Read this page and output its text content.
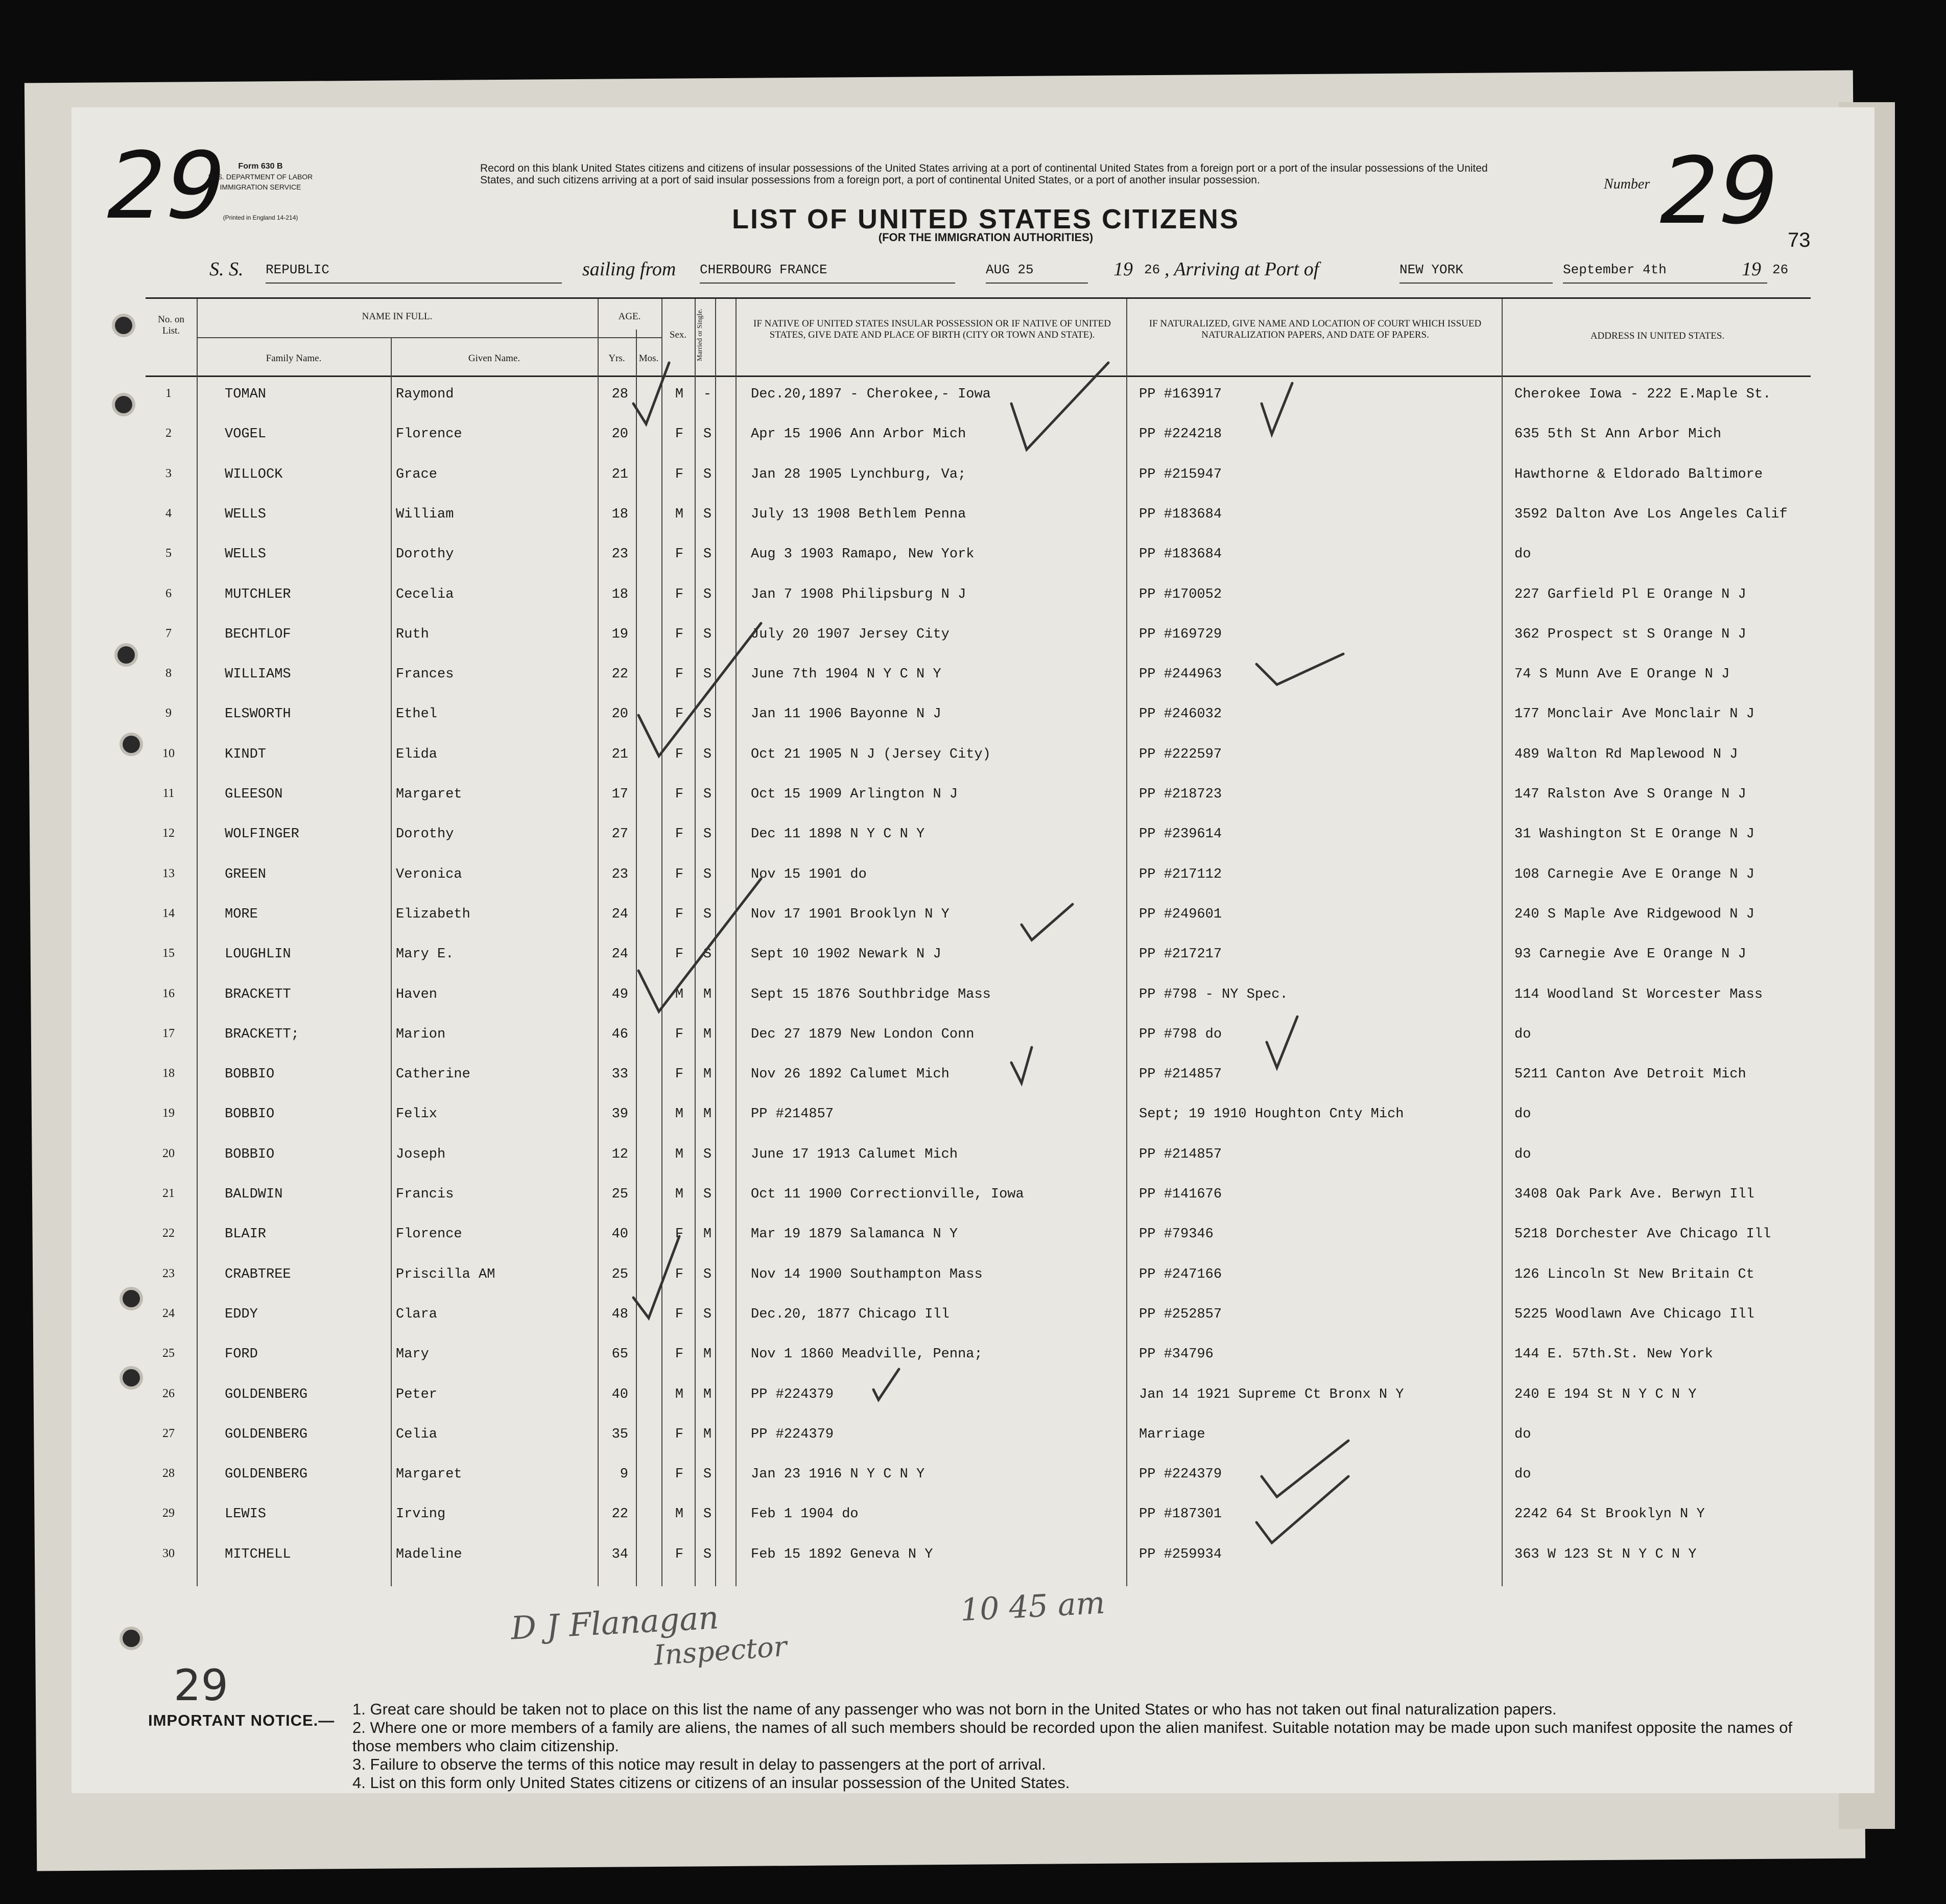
29 Form 630 B
U. S. DEPARTMENT OF LABOR
IMMIGRATION SERVICE
(Printed in England 14-214)
Record on this blank United States citizens and citizens of insular possessions of the United States arriving at a port of continental United States from a foreign port or a port of the insular possessions of the United States, and such citizens arriving at a port of said insular possessions from a foreign port, a port of continental United States, or a port of another insular possession.
LIST OF UNITED STATES CITIZENS
(FOR THE IMMIGRATION AUTHORITIES)
Number
29
73
S. S. REPUBLIC	sailing from CHERBOURG FRANCE	AUG 25	19 26 , Arriving at Port of	NEW YORK	September 4th	19 26
No. on List.
NAME IN FULL.
Family Name.	Given Name.
AGE.
Yrs.	Mos.
Sex.	Married or Single.	IF NATIVE OF UNITED STATES INSULAR POSSESSION OR IF NATIVE OF UNITED STATES, GIVE DATE AND PLACE OF BIRTH (CITY OR TOWN AND STATE).
IF NATURALIZED, GIVE NAME AND LOCATION OF COURT WHICH ISSUED NATURALIZATION PAPERS, AND DATE OF PAPERS.	ADDRESS IN UNITED STATES.
1	TOMAN	Raymond	28	M -	Dec.20,1897 - Cherokee,- Iowa	PP #163917	Cherokee Iowa - 222 E.Maple St.
2	VOGEL	Florence	20	F S	Apr 15 1906 Ann Arbor Mich	PP #224218	635 5th St Ann Arbor Mich
3	WILLOCK	Grace	21	F S	Jan 28 1905 Lynchburg, Va;	PP #215947	Hawthorne & Eldorado Baltimore
4	WELLS	William	18	M S	July 13 1908 Bethlem Penna	PP #183684	3592 Dalton Ave Los Angeles Calif
5	WELLS	Dorothy	23	F S	Aug 3 1903 Ramapo, New York	PP #183684	do
6	MUTCHLER	Cecelia	18	F S	Jan 7 1908 Philipsburg N J	PP #170052	227 Garfield Pl E Orange N J
7	BECHTLOF	Ruth	19	F S	July 20 1907 Jersey City	PP #169729	362 Prospect st S Orange N J
8	WILLIAMS	Frances	22	F S	June 7th 1904 N Y C N Y	PP #244963	74 S Munn Ave E Orange N J
9	ELSWORTH	Ethel	20	F S	Jan 11 1906 Bayonne N J	PP #246032	177 Monclair Ave Monclair N J
10	KINDT	Elida	21	F S	Oct 21 1905 N J (Jersey City)	PP #222597	489 Walton Rd Maplewood N J
11	GLEESON	Margaret	17	F S	Oct 15 1909 Arlington N J	PP #218723	147 Ralston Ave S Orange N J
12	WOLFINGER	Dorothy	27	F S	Dec 11 1898 N Y C N Y	PP #239614	31 Washington St E Orange N J
13	GREEN	Veronica	23	F S	Nov 15 1901 do	PP #217112	108 Carnegie Ave E Orange N J
14	MORE	Elizabeth	24	F S	Nov 17 1901 Brooklyn N Y	PP #249601	240 S Maple Ave Ridgewood N J
15	LOUGHLIN	Mary E.	24	F S	Sept 10 1902 Newark N J	PP #217217	93 Carnegie Ave E Orange N J
16	BRACKETT	Haven	49	M M	Sept 15 1876 Southbridge Mass	PP #798 - NY Spec.	114 Woodland St Worcester Mass
17	BRACKETT;	Marion	46	F M	Dec 27 1879 New London Conn	PP #798 do	do
18	BOBBIO	Catherine	33	F M	Nov 26 1892 Calumet Mich	PP #214857	5211 Canton Ave Detroit Mich
19	BOBBIO	Felix	39	M M	PP #214857	Sept; 19 1910 Houghton Cnty Mich	do
20	BOBBIO	Joseph	12	M S	June 17 1913 Calumet Mich	PP #214857	do
21	BALDWIN	Francis	25	M S	Oct 11 1900 Correctionville, Iowa	PP #141676	3408 Oak Park Ave. Berwyn Ill
22	BLAIR	Florence	40	F M	Mar 19 1879 Salamanca N Y	PP #79346	5218 Dorchester Ave Chicago Ill
23	CRABTREE	Priscilla AM	25	F S	Nov 14 1900 Southampton Mass	PP #247166	126 Lincoln St New Britain Ct
24	EDDY	Clara	48	F S	Dec.20, 1877 Chicago Ill	PP #252857	5225 Woodlawn Ave Chicago Ill
25	FORD	Mary	65	F M	Nov 1 1860 Meadville, Penna;	PP #34796	144 E. 57th.St. New York
26	GOLDENBERG	Peter	40	M M	PP #224379	Jan 14 1921 Supreme Ct Bronx N Y	240 E 194 St N Y C N Y
27	GOLDENBERG	Celia	35	F M	PP #224379	Marriage	do
28	GOLDENBERG	Margaret	9	F S	Jan 23 1916 N Y C N Y	PP #224379	do
29	LEWIS	Irving	22	M S	Feb 1 1904 do	PP #187301	2242 64 St Brooklyn N Y
30	MITCHELL	Madeline	34	F S	Feb 15 1892 Geneva N Y	PP #259934	363 W 123 St N Y C N Y
D J Flanagan
Inspector
10 45 am
29
IMPORTANT NOTICE.—
1. Great care should be taken not to place on this list the name of any passenger who was not born in the United States or who has not taken out final naturalization papers.
2. Where one or more members of a family are aliens, the names of all such members should be recorded upon the alien manifest. Suitable notation may be made upon such manifest opposite the names of those members who claim citizenship.
3. Failure to observe the terms of this notice may result in delay to passengers at the port of arrival.
4. List on this form only United States citizens or citizens of an insular possession of the United States.
